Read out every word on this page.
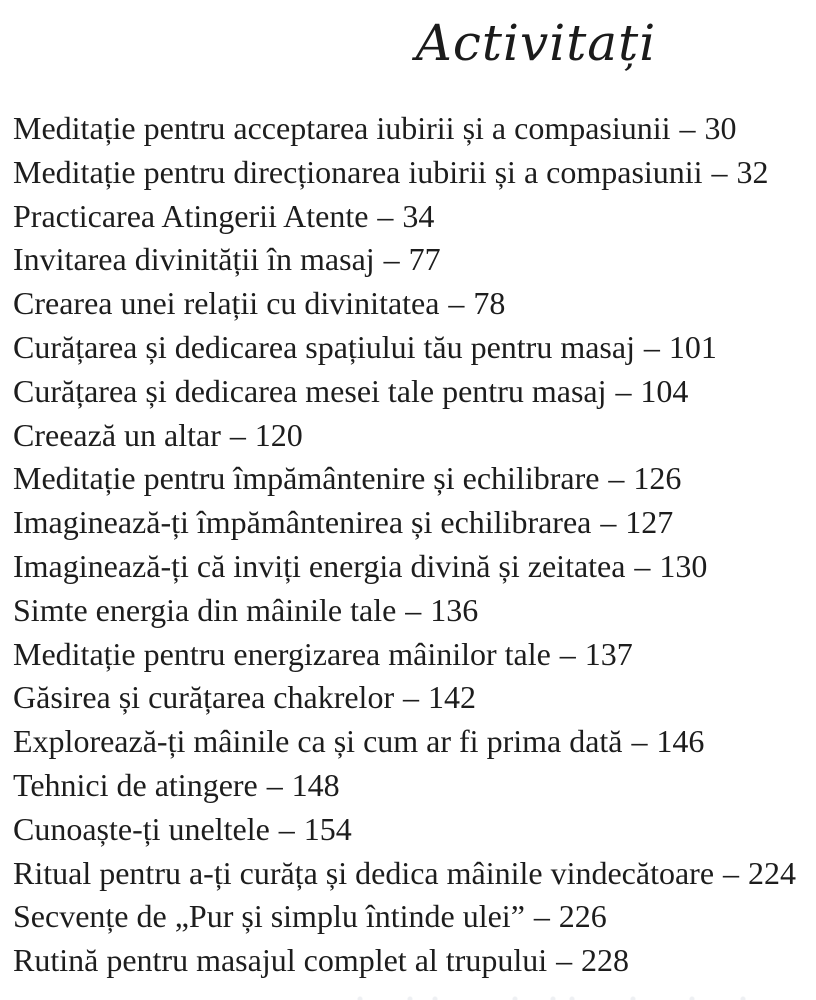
Activitați
Meditație pentru acceptarea iubirii și a compasiunii – 30
Meditație pentru direcționarea iubirii și a compasiunii – 32
Practicarea Atingerii Atente – 34
Invitarea divinității în masaj – 77
Crearea unei relații cu divinitatea – 78
Curățarea și dedicarea spațiului tău pentru masaj – 101
Curățarea și dedicarea mesei tale pentru masaj – 104
Creează un altar – 120
Meditație pentru împământenire și echilibrare – 126
Imaginează-ți împământenirea și echilibrarea – 127
Imaginează-ți că inviți energia divină și zeitatea – 130
Simte energia din mâinile tale – 136
Meditație pentru energizarea mâinilor tale – 137
Găsirea și curățarea chakrelor – 142
Explorează-ți mâinile ca și cum ar fi prima dată – 146
Tehnici de atingere – 148
Cunoaște-ți uneltele – 154
Ritual pentru a-ți curăța și dedica mâinile vindecătoare – 224
Secvențe de „Pur și simplu întinde ulei” – 226
Rutină pentru masajul complet al trupului – 228
